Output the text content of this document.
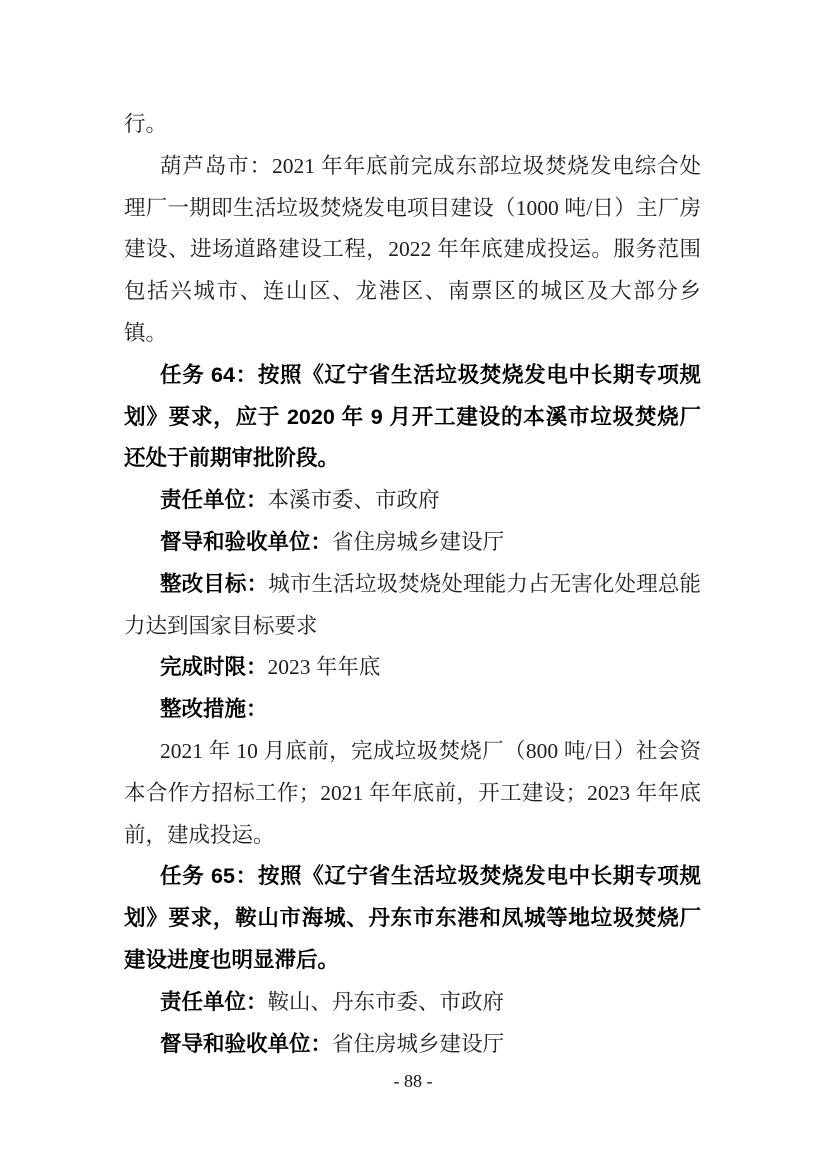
行。

葫芦岛市：2021 年年底前完成东部垃圾焚烧发电综合处理厂一期即生活垃圾焚烧发电项目建设（1000 吨/日）主厂房建设、进场道路建设工程，2022 年年底建成投运。服务范围包括兴城市、连山区、龙港区、南票区的城区及大部分乡镇。

任务 64：按照《辽宁省生活垃圾焚烧发电中长期专项规划》要求，应于 2020 年 9 月开工建设的本溪市垃圾焚烧厂还处于前期审批阶段。

责任单位：本溪市委、市政府

督导和验收单位：省住房城乡建设厅

整改目标：城市生活垃圾焚烧处理能力占无害化处理总能力达到国家目标要求

完成时限：2023 年年底

整改措施：

2021 年 10 月底前，完成垃圾焚烧厂（800 吨/日）社会资本合作方招标工作；2021 年年底前，开工建设；2023 年年底前，建成投运。

任务 65：按照《辽宁省生活垃圾焚烧发电中长期专项规划》要求，鞍山市海城、丹东市东港和凤城等地垃圾焚烧厂建设进度也明显滞后。

责任单位：鞍山、丹东市委、市政府

督导和验收单位：省住房城乡建设厅

- 88 -
